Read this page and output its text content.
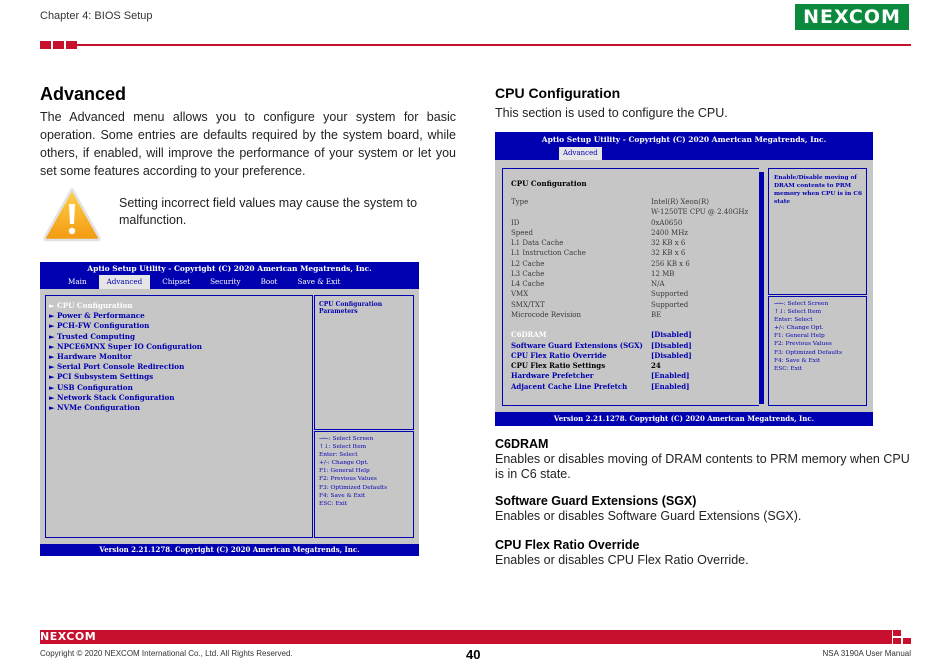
Chapter 4: BIOS Setup	NEXCOM
Advanced
The Advanced menu allows you to configure your system for basic operation. Some entries are defaults required by the system board, while others, if enabled, will improve the performance of your system or let you set some features according to your preference.
Setting incorrect field values may cause the system to malfunction.
Aptio Setup Utility - Copyright (C) 2020 American Megatrends, Inc.
Main	Advanced	Chipset	Security	Boot	Save & Exit
► CPU Configuration
► Power & Performance
► PCH-FW Configuration
► Trusted Computing
► NPCE6MNX Super IO Configuration
► Hardware Monitor
► Serial Port Console Redirection
► PCI Subsystem Settings
► USB Configuration
► Network Stack Configuration
► NVMe Configuration
CPU Configuration Parameters
→←: Select Screen
↑↓: Select Item
Enter: Select
+/-: Change Opt.
F1: General Help
F2: Previous Values
F3: Optimized Defaults
F4: Save & Exit
ESC: Exit
Version 2.21.1278. Copyright (C) 2020 American Megatrends, Inc.
CPU Configuration
This section is used to configure the CPU.
Aptio Setup Utility - Copyright (C) 2020 American Megatrends, Inc.
Advanced
CPU Configuration
Type	Intel(R) Xeon(R)
W-1250TE CPU @ 2.40GHz
ID	0xA0650
Speed	2400 MHz
L1 Data Cache	32 KB x 6
L1 Instruction Cache	32 KB x 6
L2 Cache	256 KB x 6
L3 Cache	12 MB
L4 Cache	N/A
VMX	Supported
SMX/TXT	Supported
Microcode Revision	BE
C6DRAM	[Disabled]
Software Guard Extensions (SGX)	[Disabled]
CPU Flex Ratio Override	[Disabled]
CPU Flex Ratio Settings	24
Hardware Prefetcher	[Enabled]
Adjacent Cache Line Prefetch	[Enabled]
Enable/Disable moving of DRAM contents to PRM memory when CPU is in C6 state
→←: Select Screen
↑↓: Select Item
Enter: Select
+/-: Change Opt.
F1: General Help
F2: Previous Values
F3: Optimized Defaults
F4: Save & Exit
ESC: Exit
Version 2.21.1278. Copyright (C) 2020 American Megatrends, Inc.
C6DRAM
Enables or disables moving of DRAM contents to PRM memory when CPU is in C6 state.
Software Guard Extensions (SGX)
Enables or disables Software Guard Extensions (SGX).
CPU Flex Ratio Override
Enables or disables CPU Flex Ratio Override.
NEXCOM
Copyright © 2020 NEXCOM International Co., Ltd. All Rights Reserved.	40	NSA 3190A User Manual
